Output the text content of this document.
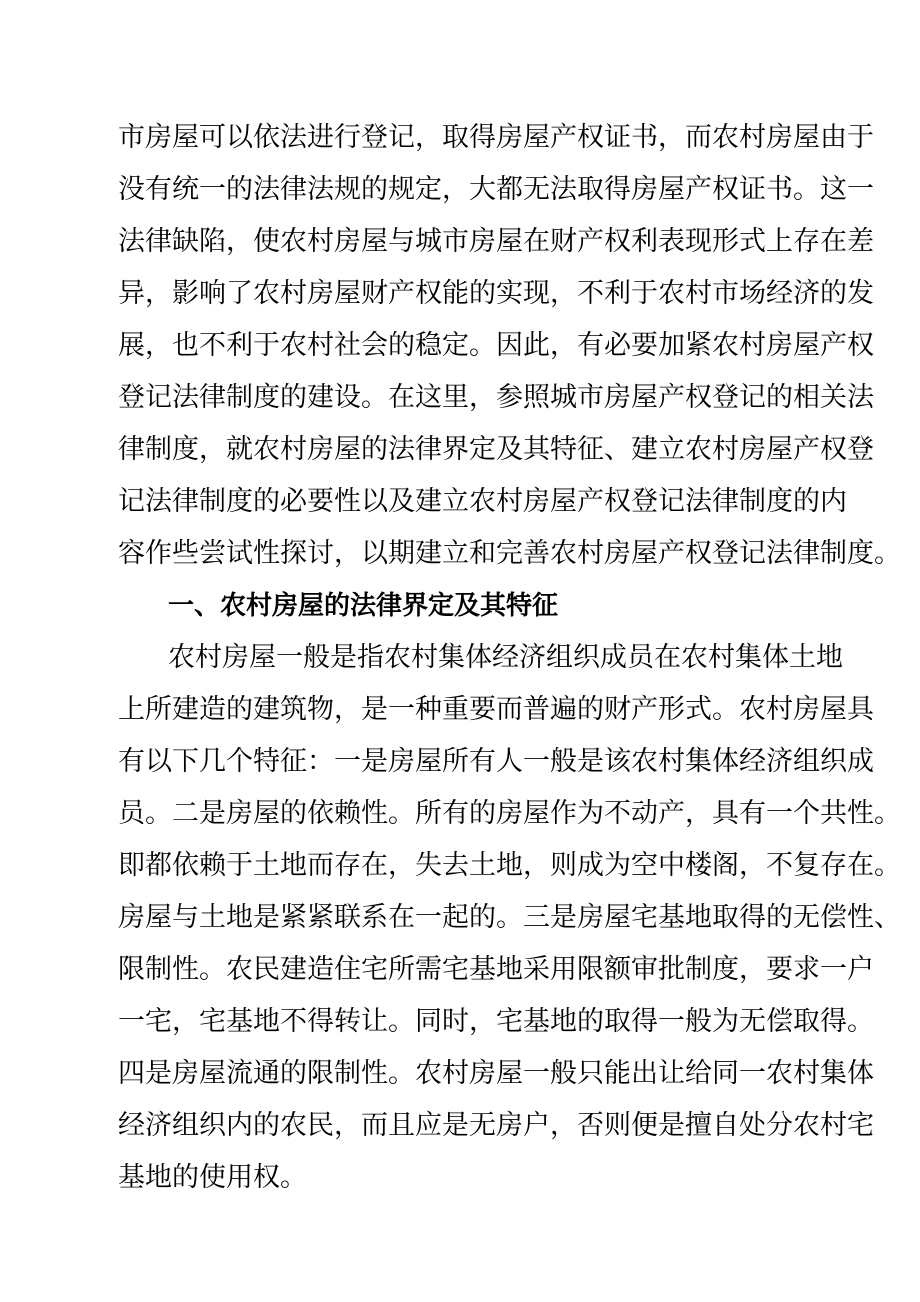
市房屋可以依法进行登记，取得房屋产权证书，而农村房屋由于
没有统一的法律法规的规定，大都无法取得房屋产权证书。这一
法律缺陷，使农村房屋与城市房屋在财产权利表现形式上存在差
异，影响了农村房屋财产权能的实现，不利于农村市场经济的发
展，也不利于农村社会的稳定。因此，有必要加紧农村房屋产权
登记法律制度的建设。在这里，参照城市房屋产权登记的相关法
律制度，就农村房屋的法律界定及其特征、建立农村房屋产权登
记法律制度的必要性以及建立农村房屋产权登记法律制度的内
容作些尝试性探讨，以期建立和完善农村房屋产权登记法律制度。
一、农村房屋的法律界定及其特征
农村房屋一般是指农村集体经济组织成员在农村集体土地
上所建造的建筑物，是一种重要而普遍的财产形式。农村房屋具
有以下几个特征：一是房屋所有人一般是该农村集体经济组织成
员。二是房屋的依赖性。所有的房屋作为不动产，具有一个共性。
即都依赖于土地而存在，失去土地，则成为空中楼阁，不复存在。
房屋与土地是紧紧联系在一起的。三是房屋宅基地取得的无偿性、
限制性。农民建造住宅所需宅基地采用限额审批制度，要求一户
一宅，宅基地不得转让。同时，宅基地的取得一般为无偿取得。
四是房屋流通的限制性。农村房屋一般只能出让给同一农村集体
经济组织内的农民，而且应是无房户，否则便是擅自处分农村宅
基地的使用权。
